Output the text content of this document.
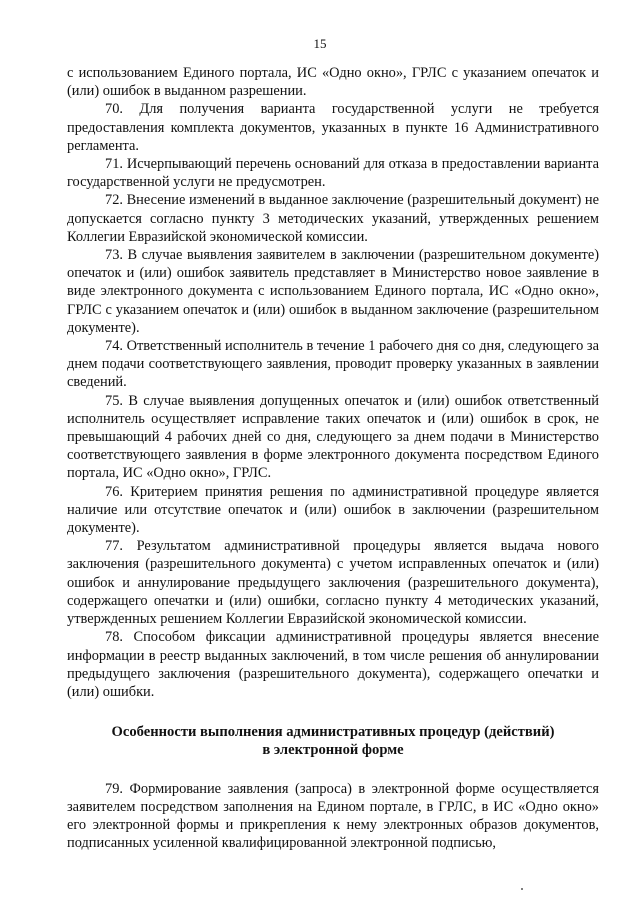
15

с использованием Единого портала, ИС «Одно окно», ГРЛС с указанием опечаток и (или) ошибок в выданном разрешении.

70. Для получения варианта государственной услуги не требуется предоставления комплекта документов, указанных в пункте 16 Административного регламента.

71. Исчерпывающий перечень оснований для отказа в предоставлении варианта государственной услуги не предусмотрен.

72. Внесение изменений в выданное заключение (разрешительный документ) не допускается согласно пункту 3 методических указаний, утвержденных решением Коллегии Евразийской экономической комиссии.

73. В случае выявления заявителем в заключении (разрешительном документе) опечаток и (или) ошибок заявитель представляет в Министерство новое заявление в виде электронного документа с использованием Единого портала, ИС «Одно окно», ГРЛС с указанием опечаток и (или) ошибок в выданном заключение (разрешительном документе).

74. Ответственный исполнитель в течение 1 рабочего дня со дня, следующего за днем подачи соответствующего заявления, проводит проверку указанных в заявлении сведений.

75. В случае выявления допущенных опечаток и (или) ошибок ответственный исполнитель осуществляет исправление таких опечаток и (или) ошибок в срок, не превышающий 4 рабочих дней со дня, следующего за днем подачи в Министерство соответствующего заявления в форме электронного документа посредством Единого портала, ИС «Одно окно», ГРЛС.

76. Критерием принятия решения по административной процедуре является наличие или отсутствие опечаток и (или) ошибок в заключении (разрешительном документе).

77. Результатом административной процедуры является выдача нового заключения (разрешительного документа) с учетом исправленных опечаток и (или) ошибок и аннулирование предыдущего заключения (разрешительного документа), содержащего опечатки и (или) ошибки, согласно пункту 4 методических указаний, утвержденных решением Коллегии Евразийской экономической комиссии.

78. Способом фиксации административной процедуры является внесение информации в реестр выданных заключений, в том числе решения об аннулировании предыдущего заключения (разрешительного документа), содержащего опечатки и (или) ошибки.

Особенности выполнения административных процедур (действий)
в электронной форме

79. Формирование заявления (запроса) в электронной форме осуществляется заявителем посредством заполнения на Едином портале, в ГРЛС, в ИС «Одно окно» его электронной формы и прикрепления к нему электронных образов документов, подписанных усиленной квалифицированной электронной подписью,
